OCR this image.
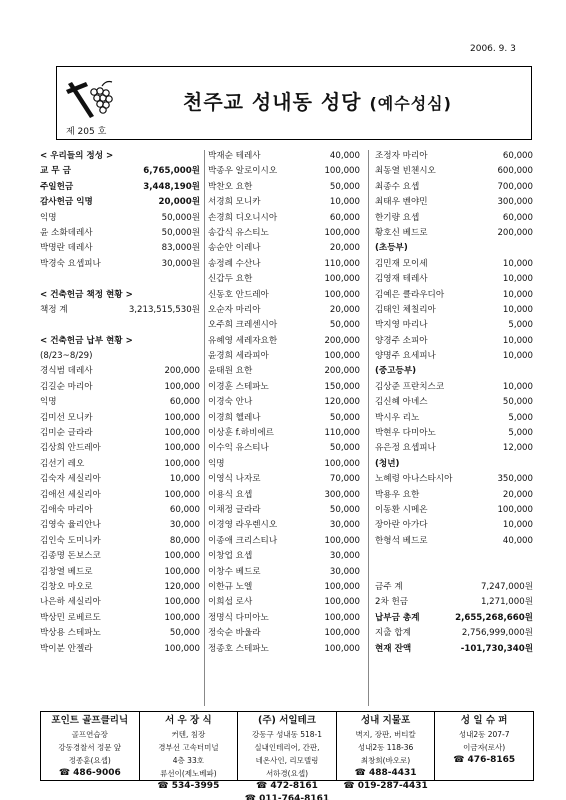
2006. 9. 3
제 205 호
천주교 성내동 성당 (예수성심)
< 우리들의 정성 >
교 무 금	6,765,000원
주일헌금	3,448,190원
감사헌금 익명	20,000원
익명	50,000원
윤 소화데레사	50,000원
박명란 데레사	83,000원
박경숙 요셉피나	30,000원
< 건축헌금 책정 현황 >
책정 계	3,213,515,530원
< 건축헌금 납부 현황 >
(8/23~8/29)
경식범 데레사	200,000
김길순 마리아	100,000
익명	60,000
김미선 모니카	100,000
김미순 글라라	100,000
김상희 안드레아	100,000
김선기 레오	100,000
김숙자 세실리아	10,000
김애선 세실리아	100,000
김애숙 마리아	60,000
김영숙 율리안나	30,000
김인숙 도미니카	80,000
김종명 돈보스코	100,000
김창열 베드로	100,000
김창오 마오로	120,000
나은하 세실리아	100,000
박상민 로베르도	100,000
박상용 스테파노	50,000
박이분 안젤라	100,000
박재순 테레사	40,000
박종우 알로이시오	100,000
박찬오 요한	50,000
서경희 모니카	10,000
손경희 디오니시아	60,000
송갑식 유스티노	100,000
송순안 이레나	20,000
송정례 수산나	110,000
신갑두 요한	100,000
신동호 안드레아	100,000
오순자 마리아	20,000
오주희 크레센시아	50,000
유혜영 세레자요한	200,000
윤경희 세라피아	100,000
윤태원 요한	200,000
이경훈 스테파노	150,000
이경숙 안나	120,000
이경희 헬레나	50,000
이상훈 f.하비에르	110,000
이수익 유스티나	50,000
익명	100,000
이영식 나자로	70,000
이용식 요셉	300,000
이채정 글라라	50,000
이경영 라우렌시오	30,000
이종애 크리스티나	100,000
이창업 요셉	30,000
이창수 베드로	30,000
이한규 노엘	100,000
이희섭 로사	100,000
정명식 다미아노	100,000
정숙순 바울라	100,000
정종호 스테파노	100,000
조정자 마리아	60,000
최동열 빈첸시오	600,000
최종수 요셉	700,000
최태우 벤야민	300,000
한기량 요셉	60,000
황호신 베드로	200,000
(초등부)
김민재 모이세	10,000
김영재 테레사	10,000
김예은 클라우디아	10,000
김태인 체칠리아	10,000
박지영 마리나	5,000
양경주 소피아	10,000
양명주 요세피나	10,000
(중고등부)
김상준 프란치스코	10,000
김신혜 아녜스	50,000
박시우 리노	5,000
박현우 다미아노	5,000
유은정 요셉피나	12,000
(청년)
노혜령 아나스타시아	350,000
박용우 요한	20,000
이동환 시메온	100,000
장아란 아가다	10,000
한형석 베드로	40,000
금주 계	7,247,000원
2차 헌금	1,271,000원
납부금 총계	2,655,268,660원
지출 합계	2,756,999,000원
현재 잔액	-101,730,340원
포인트 골프클리닉
골프연습장
강동경찰서 정문 앞
정종훈(요셉)
☎ 486-9006
서 우 장 식
커텐, 침장
경부선 고속터미널
4층 33호
류선이(제노베파)
☎ 534-3995
(주) 서일테크
강동구 성내동 518-1
실내인테리어, 간판,
네온사인, 리모델링
서하경(요셉)
☎ 472-8161
☎ 011-764-8161
성내 지물포
벽지, 장판, 버티칼
성내2동 118-36
최창희(바오로)
☎ 488-4431
☎ 019-287-4431
성 일 슈 퍼
성내2동 207-7
이금자(로사)
☎ 476-8165
